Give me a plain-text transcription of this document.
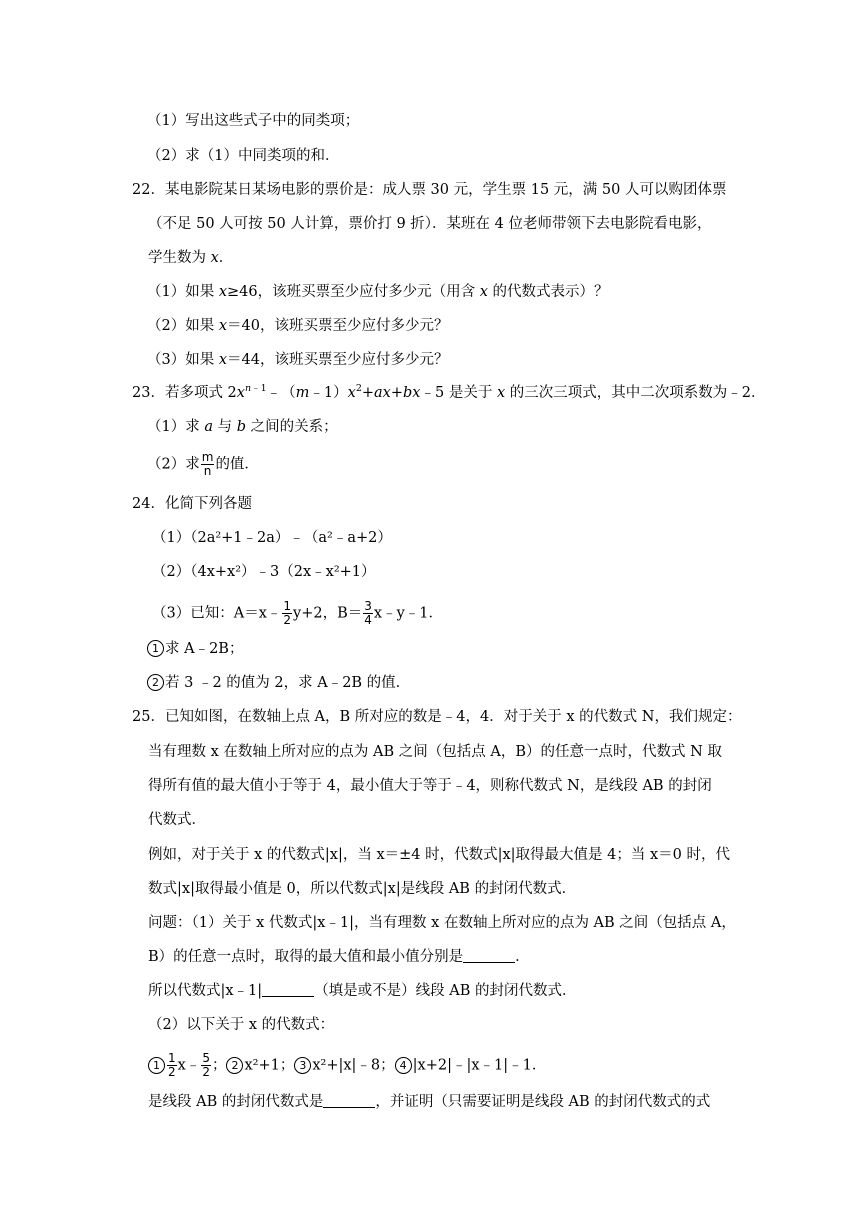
（1）写出这些式子中的同类项；
（2）求（1）中同类项的和．
22．某电影院某日某场电影的票价是：成人票 30 元，学生票 15 元，满 50 人可以购团体票
（不足 50 人可按 50 人计算，票价打 9 折）．某班在 4 位老师带领下去电影院看电影，
学生数为 x．
（1）如果 x≥46，该班买票至少应付多少元（用含 x 的代数式表示）？
（2）如果 x＝40，该班买票至少应付多少元？
（3）如果 x＝44，该班买票至少应付多少元？
23．若多项式 $2x^{n﹣1}﹣(m﹣1)x^2+ax+bx﹣5$ 是关于 x 的三次三项式，其中二次项系数为﹣2．
（1）求 a 与 b 之间的关系；
（2）求 $\frac{m}{n}$ 的值．
24．化简下列各题
（1）（2a²+1﹣2a）﹣（a²﹣a+2）
（2）（4x+x²）﹣3（2x﹣x²+1）
（3）已知：A＝x﹣ $\frac{1}{2} y+2$，$B= \frac{3}{4}$ x﹣y﹣1．
1 求 A﹣2B；
2 若 3 ﹣2 的值为 2，求 A﹣2B 的值．
25．已知如图，在数轴上点 A，B 所对应的数是﹣4，4．对于关于 x 的代数式 N，我们规定：
当有理数 x 在数轴上所对应的点为 AB 之间（包括点 A，B）的任意一点时，代数式 N 取
得所有值的最大值小于等于 4，最小值大于等于﹣4，则称代数式 N，是线段 AB 的封闭
代数式．
例如，对于关于 x 的代数式|x|，当 x＝±4 时，代数式|x|取得最大值是 4；当 x＝0 时，代
数式|x|取得最小值是 0，所以代数式|x|是线段 AB 的封闭代数式．
问题：（1）关于 x 代数式|x﹣1|，当有理数 x 在数轴上所对应的点为 AB 之间（包括点 A，
B）的任意一点时，取得的最大值和最小值分别是	．
所以代数式|x﹣1|	（填是或不是）线段 AB 的封闭代数式．
（2）以下关于 x 的代数式：
$1 \frac{1}{2}$ x﹣ $\frac{5}{2}$ ； 2 x²+1； 3 x²+|x|﹣8； 4 |x+2|﹣|x﹣1|﹣1．
是线段 AB 的封闭代数式是	，并证明（只需要证明是线段 AB 的封闭代数式的式
